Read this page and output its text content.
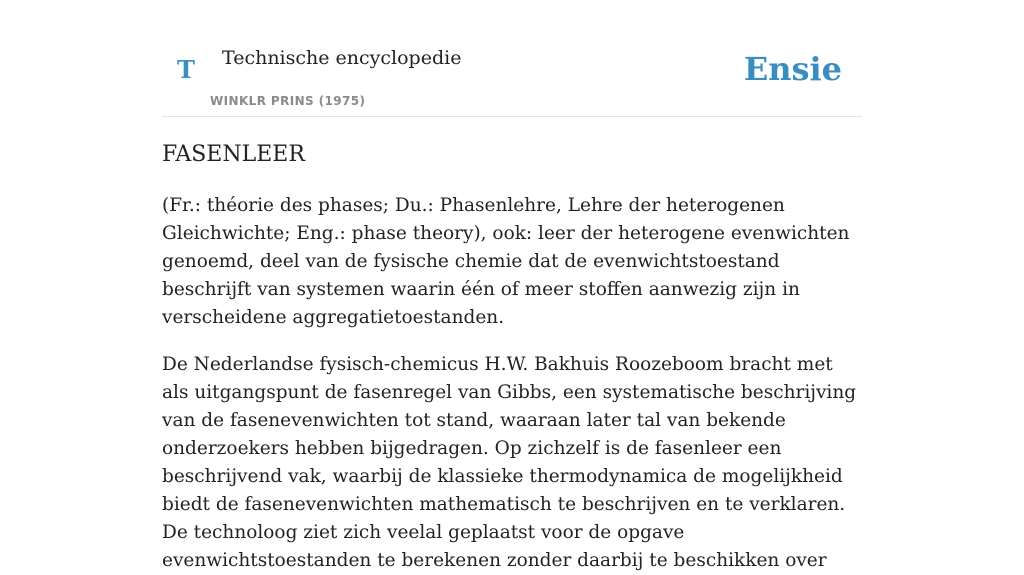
T Technische encyclopedie
WINKLR PRINS (1975)
Ensie
FASENLEER

(Fr.: théorie des phases; Du.: Phasenlehre, Lehre der heterogenen Gleichwichte; Eng.: phase theory), ook: leer der heterogene evenwichten genoemd, deel van de fysische chemie dat de evenwichtstoestand beschrijft van systemen waarin één of meer stoffen aanwezig zijn in verscheidene aggregatietoestanden.

De Nederlandse fysisch-chemicus H.W. Bakhuis Roozeboom bracht met als uitgangspunt de fasenregel van Gibbs, een systematische beschrijving van de fasenevenwichten tot stand, waaraan later tal van bekende onderzoekers hebben bijgedragen. Op zichzelf is de fasenleer een beschrijvend vak, waarbij de klassieke thermodynamica de mogelijkheid biedt de fasenevenwichten mathematisch te beschrijven en te verklaren. De technoloog ziet zich veelal geplaatst voor de opgave evenwichtstoestanden te berekenen zonder daarbij te beschikken over
